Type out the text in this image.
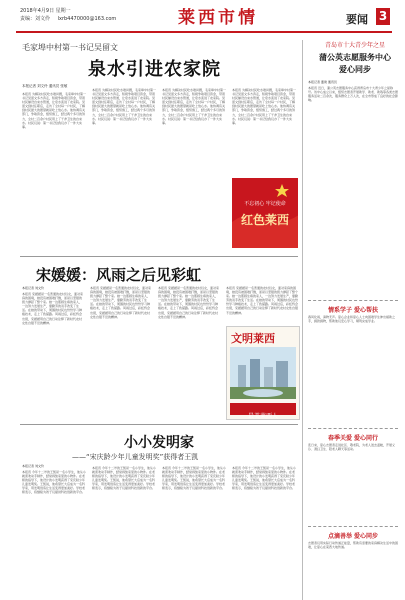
2018年4月9日 星期一
责编：刘文伶 lxrb4470000@163.com	莱西市情	要闻 3
毛家埠中村第一书记吴留文
泉水引进农家院
本报记者 刘文伶 通讯员 张敏
本报讯 为解决村民吃水难问题，毛家埠中村第一书记吴留文多方奔走，积极争取项目资金，带领村民铺设自来水管道，让泉水流进了农家院。吴留文到村任职后，走访了全村每一户村民，了解到村民最大的愿望就是吃上放心水。他协调有关部门，争取资金，组织施工，经过两个多月的努力，全村二百余户村民用上了干净卫生的自来水。村民们说：第一书记给我们办了一件大实事。
本报讯 为解决村民吃水难问题，毛家埠中村第一书记吴留文多方奔走，积极争取项目资金，带领村民铺设自来水管道，让泉水流进了农家院。吴留文到村任职后，走访了全村每一户村民，了解到村民最大的愿望就是吃上放心水。他协调有关部门，争取资金，组织施工，经过两个多月的努力，全村二百余户村民用上了干净卫生的自来水。村民们说：第一书记给我们办了一件大实事。
本报讯 为解决村民吃水难问题，毛家埠中村第一书记吴留文多方奔走，积极争取项目资金，带领村民铺设自来水管道，让泉水流进了农家院。吴留文到村任职后，走访了全村每一户村民，了解到村民最大的愿望就是吃上放心水。他协调有关部门，争取资金，组织施工，经过两个多月的努力，全村二百余户村民用上了干净卫生的自来水。村民们说：第一书记给我们办了一件大实事。
本报讯 为解决村民吃水难问题，毛家埠中村第一书记吴留文多方奔走，积极争取项目资金，带领村民铺设自来水管道，让泉水流进了农家院。吴留文到村任职后，走访了全村每一户村民，了解到村民最大的愿望就是吃上放心水。他协调有关部门，争取资金，组织施工，经过两个多月的努力，全村二百余户村民用上了干净卫生的自来水。村民们说：第一书记给我们办了一件大实事。
青岛市十大青少年之星
蒲公英志愿服务中心
爱心同步
本报记者 董建 通讯员
本报讯 近日，蒲公英志愿服务中心获得青岛市十大青少年之星称号。该中心成立以来，组织志愿者开展助学、助老、助残等各类志愿服务活动二百余次，服务群众上万人次，在全市形成了良好的社会影响。
情系学子 爱心帮扶
春风化雨，润物无声。爱心企业和爱心人士向困难学生伸出援助之手，捐款捐物，帮助他们安心学习，顺利完成学业。
春季关爱 爱心同行
连日来，爱心志愿者走进社区、敬老院，为老人送去温暖，开展义诊、清扫卫生、陪老人聊天等活动。
点滴善举 爱心同步
志愿者们用实际行动传递正能量，帮助有需要的家庭解决生活中的困难，让爱心在莱西大地传递。
不忘初心 牢记使命
红色莱西
宋媛媛：风雨之后见彩虹
本报记者 刘文伶
本报讯 宋媛媛是一名普通的农村妇女，面对家庭的困境，她没有被困难打倒，而是以坚强的毅力撑起了整个家。她一边照顾生病的家人，一边努力发展生产，靠勤劳的双手改变了生活。在她的带动下，周围的村民也纷纷学习种植技术，走上了致富路。风雨过后，彩虹终会出现，宋媛媛用自己的行动诠释了新时代农村女性自强不息的精神。
本报讯 宋媛媛是一名普通的农村妇女，面对家庭的困境，她没有被困难打倒，而是以坚强的毅力撑起了整个家。她一边照顾生病的家人，一边努力发展生产，靠勤劳的双手改变了生活。在她的带动下，周围的村民也纷纷学习种植技术，走上了致富路。风雨过后，彩虹终会出现，宋媛媛用自己的行动诠释了新时代农村女性自强不息的精神。
本报讯 宋媛媛是一名普通的农村妇女，面对家庭的困境，她没有被困难打倒，而是以坚强的毅力撑起了整个家。她一边照顾生病的家人，一边努力发展生产，靠勤劳的双手改变了生活。在她的带动下，周围的村民也纷纷学习种植技术，走上了致富路。风雨过后，彩虹终会出现，宋媛媛用自己的行动诠释了新时代农村女性自强不息的精神。
本报讯 宋媛媛是一名普通的农村妇女，面对家庭的困境，她没有被困难打倒，而是以坚强的毅力撑起了整个家。她一边照顾生病的家人，一边努力发展生产，靠勤劳的双手改变了生活。在她的带动下，周围的村民也纷纷学习种植技术，走上了致富路。风雨过后，彩虹终会出现，宋媛媛用自己的行动诠释了新时代农村女性自强不息的精神。
文明莱西
最美莱西人
小小发明家
——“宋庆龄少年儿童发明奖”获得者王凯
本报记者 刘文伶
本报讯 今年十二岁的王凯是一名小学生，他从小就喜欢动手制作，经常拆装家里的小物件。在老师的指导下，他设计的小发明获得了宋庆龄少年儿童发明奖。王凯说，他希望长大后成为一名科学家，用发明创造让生活变得更加美好。学校老师表示，将继续为孩子们提供科技创新的平台。
本报讯 今年十二岁的王凯是一名小学生，他从小就喜欢动手制作，经常拆装家里的小物件。在老师的指导下，他设计的小发明获得了宋庆龄少年儿童发明奖。王凯说，他希望长大后成为一名科学家，用发明创造让生活变得更加美好。学校老师表示，将继续为孩子们提供科技创新的平台。
本报讯 今年十二岁的王凯是一名小学生，他从小就喜欢动手制作，经常拆装家里的小物件。在老师的指导下，他设计的小发明获得了宋庆龄少年儿童发明奖。王凯说，他希望长大后成为一名科学家，用发明创造让生活变得更加美好。学校老师表示，将继续为孩子们提供科技创新的平台。
本报讯 今年十二岁的王凯是一名小学生，他从小就喜欢动手制作，经常拆装家里的小物件。在老师的指导下，他设计的小发明获得了宋庆龄少年儿童发明奖。王凯说，他希望长大后成为一名科学家，用发明创造让生活变得更加美好。学校老师表示，将继续为孩子们提供科技创新的平台。
